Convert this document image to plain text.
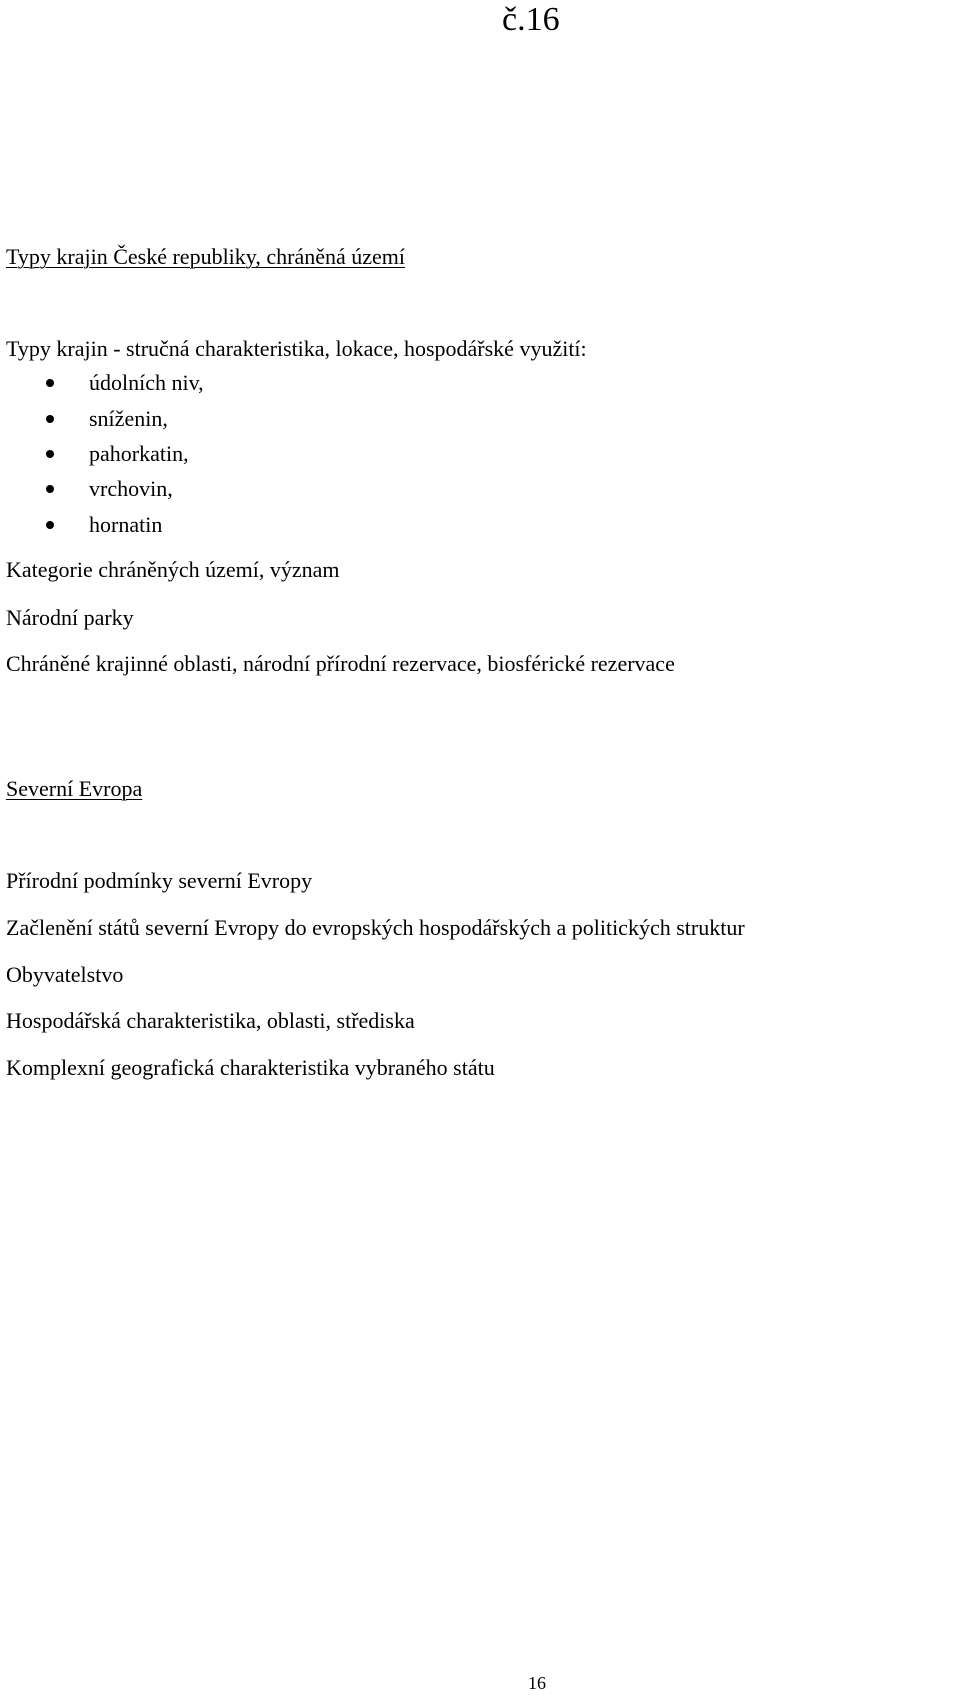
č.16
Typy krajin České republiky, chráněná území
Typy krajin - stručná charakteristika, lokace, hospodářské využití:
údolních niv,
sníženin,
pahorkatin,
vrchovin,
hornatin
Kategorie chráněných území, význam
Národní parky
Chráněné krajinné oblasti, národní přírodní rezervace, biosférické rezervace
Severní Evropa
Přírodní podmínky severní Evropy
Začlenění států severní Evropy do evropských hospodářských a politických struktur
Obyvatelstvo
Hospodářská charakteristika, oblasti, střediska
Komplexní geografická charakteristika vybraného státu
16
